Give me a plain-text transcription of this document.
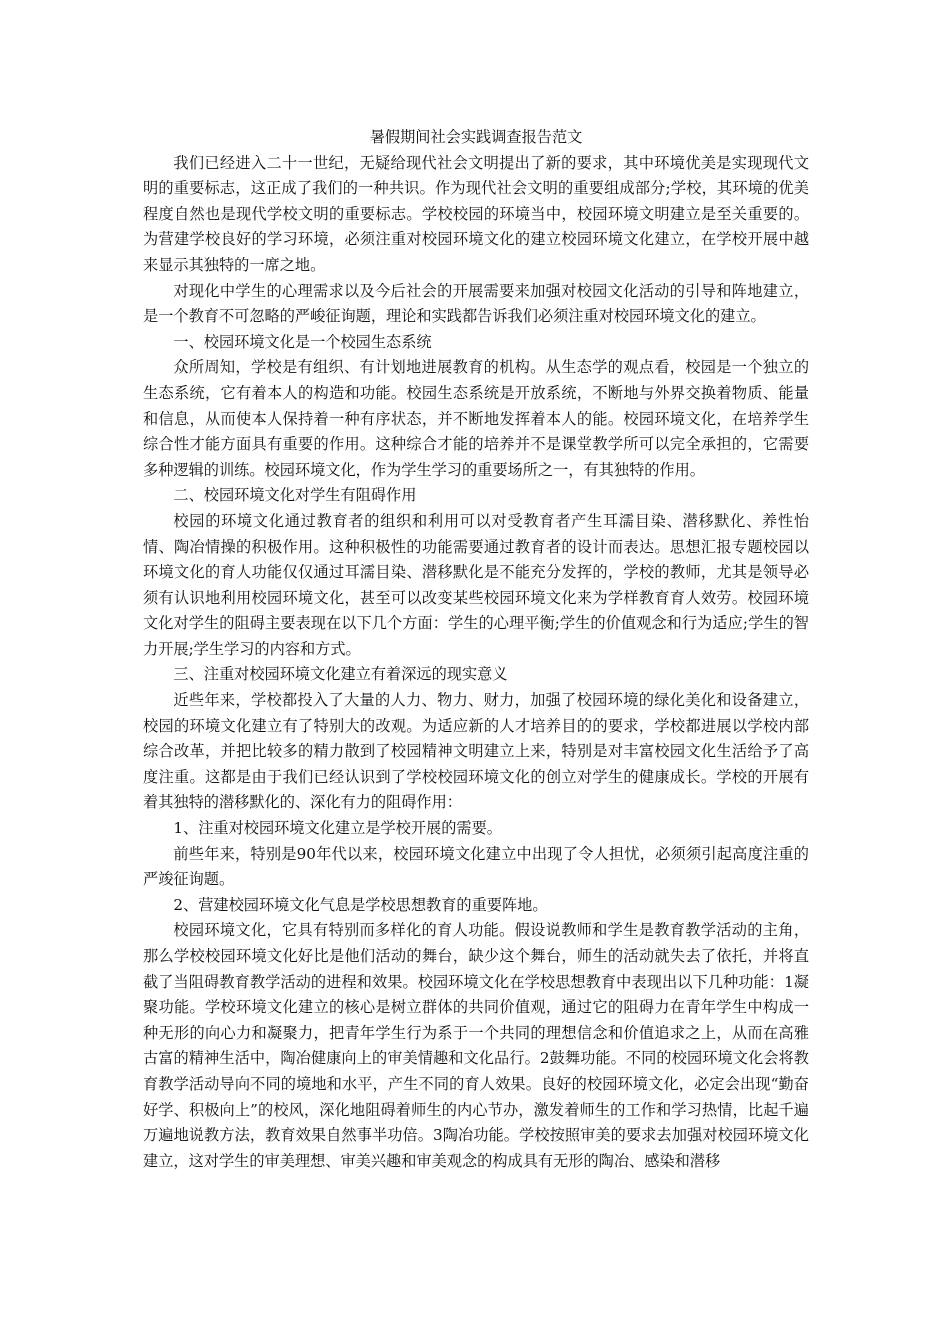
暑假期间社会实践调查报告范文

我们已经进入二十一世纪，无疑给现代社会文明提出了新的要求，其中环境优美是实现现代文明的重要标志，这正成了我们的一种共识。作为现代社会文明的重要组成部分;学校，其环境的优美程度自然也是现代学校文明的重要标志。学校校园的环境当中，校园环境文明建立是至关重要的。为营建学校良好的学习环境，必须注重对校园环境文化的建立校园环境文化建立，在学校开展中越来显示其独特的一席之地。

对现化中学生的心理需求以及今后社会的开展需要来加强对校园文化活动的引导和阵地建立，是一个教育不可忽略的严峻征询题，理论和实践都告诉我们必须注重对校园环境文化的建立。

一、校园环境文化是一个校园生态系统

众所周知，学校是有组织、有计划地进展教育的机构。从生态学的观点看，校园是一个独立的生态系统，它有着本人的构造和功能。校园生态系统是开放系统，不断地与外界交换着物质、能量和信息，从而使本人保持着一种有序状态，并不断地发挥着本人的能。校园环境文化，在培养学生综合性才能方面具有重要的作用。这种综合才能的培养并不是课堂教学所可以完全承担的，它需要多种逻辑的训练。校园环境文化，作为学生学习的重要场所之一，有其独特的作用。

二、校园环境文化对学生有阻碍作用

校园的环境文化通过教育者的组织和利用可以对受教育者产生耳濡目染、潜移默化、养性怡情、陶冶情操的积极作用。这种积极性的功能需要通过教育者的设计而表达。思想汇报专题校园以环境文化的育人功能仅仅通过耳濡目染、潜移默化是不能充分发挥的，学校的教师，尤其是领导必须有认识地利用校园环境文化，甚至可以改变某些校园环境文化来为学样教育育人效劳。校园环境文化对学生的阻碍主要表现在以下几个方面：学生的心理平衡;学生的价值观念和行为适应;学生的智力开展;学生学习的内容和方式。

三、注重对校园环境文化建立有着深远的现实意义

近些年来，学校都投入了大量的人力、物力、财力，加强了校园环境的绿化美化和设备建立，校园的环境文化建立有了特别大的改观。为适应新的人才培养目的的要求，学校都进展以学校内部综合改革，并把比较多的精力散到了校园精神文明建立上来，特别是对丰富校园文化生活给予了高度注重。这都是由于我们已经认识到了学校校园环境文化的创立对学生的健康成长。学校的开展有着其独特的潜移默化的、深化有力的阻碍作用：

1、注重对校园环境文化建立是学校开展的需要。

前些年来，特别是90年代以来，校园环境文化建立中出现了令人担忧，必须须引起高度注重的严竣征询题。

2、营建校园环境文化气息是学校思想教育的重要阵地。

校园环境文化，它具有特别而多样化的育人功能。假设说教师和学生是教育教学活动的主角，那么学校校园环境文化好比是他们活动的舞台，缺少这个舞台，师生的活动就失去了依托，并将直截了当阻碍教育教学活动的进程和效果。校园环境文化在学校思想教育中表现出以下几种功能：1凝聚功能。学校环境文化建立的核心是树立群体的共同价值观，通过它的阻碍力在青年学生中构成一种无形的向心力和凝聚力，把青年学生行为系于一个共同的理想信念和价值追求之上，从而在高雅古富的精神生活中，陶冶健康向上的审美情趣和文化品行。2鼓舞功能。不同的校园环境文化会将教育教学活动导向不同的境地和水平，产生不同的育人效果。良好的校园环境文化，必定会出现“勤奋好学、积极向上”的校风，深化地阻碍着师生的内心节办，激发着师生的工作和学习热情，比起千遍万遍地说教方法，教育效果自然事半功倍。3陶冶功能。学校按照审美的要求去加强对校园环境文化建立，这对学生的审美理想、审美兴趣和审美观念的构成具有无形的陶冶、感染和潜移
